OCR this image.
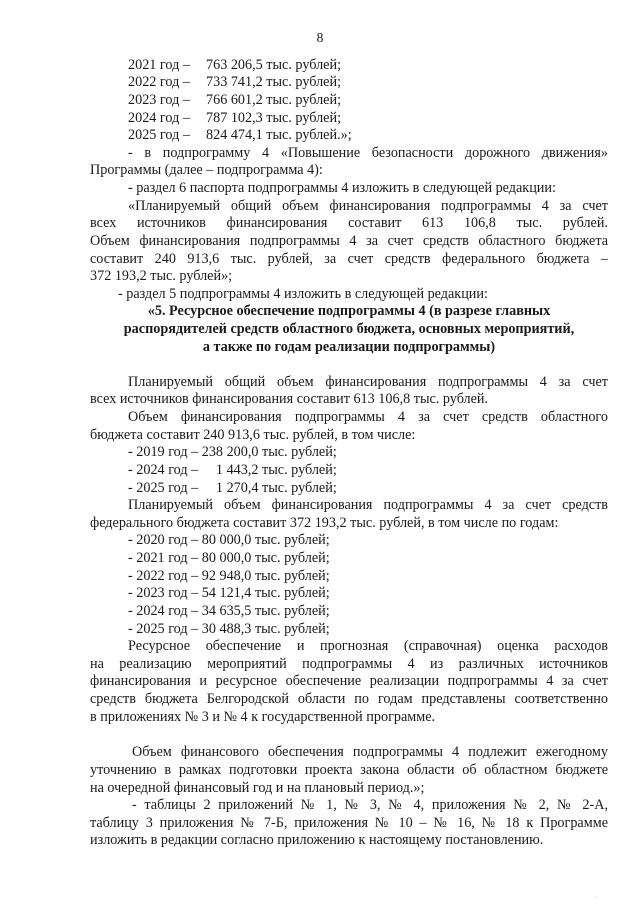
8
2021 год – 763 206,5 тыс. рублей;
2022 год – 733 741,2 тыс. рублей;
2023 год – 766 601,2 тыс. рублей;
2024 год – 787 102,3 тыс. рублей;
2025 год – 824 474,1 тыс. рублей.»;
- в подпрограмму 4 «Повышение безопасности дорожного движения»
Программы (далее – подпрограмма 4):
- раздел 6 паспорта подпрограммы 4 изложить в следующей редакции:
«Планируемый общий объем финансирования подпрограммы 4 за счет
всех источников финансирования составит 613 106,8 тыс. рублей.
Объем финансирования подпрограммы 4 за счет средств областного бюджета
составит 240 913,6 тыс. рублей, за счет средств федерального бюджета –
372 193,2 тыс. рублей»;
- раздел 5 подпрограммы 4 изложить в следующей редакции:
«5. Ресурсное обеспечение подпрограммы 4 (в разрезе главных
распорядителей средств областного бюджета, основных мероприятий,
а также по годам реализации подпрограммы)
Планируемый общий объем финансирования подпрограммы 4 за счет
всех источников финансирования составит 613 106,8 тыс. рублей.
Объем финансирования подпрограммы 4 за счет средств областного
бюджета составит 240 913,6 тыс. рублей, в том числе:
- 2019 год – 238 200,0 тыс. рублей;
- 2024 год –     1 443,2 тыс. рублей;
- 2025 год –     1 270,4 тыс. рублей;
Планируемый объем финансирования подпрограммы 4 за счет средств
федерального бюджета составит 372 193,2 тыс. рублей, в том числе по годам:
- 2020 год – 80 000,0 тыс. рублей;
- 2021 год – 80 000,0 тыс. рублей;
- 2022 год – 92 948,0 тыс. рублей;
- 2023 год – 54 121,4 тыс. рублей;
- 2024 год – 34 635,5 тыс. рублей;
- 2025 год – 30 488,3 тыс. рублей;
Ресурсное обеспечение и прогнозная (справочная) оценка расходов
на реализацию мероприятий подпрограммы 4 из различных источников
финансирования и ресурсное обеспечение реализации подпрограммы 4 за счет
средств бюджета Белгородской области по годам представлены соответственно
в приложениях № 3 и № 4 к государственной программе.
Объем финансового обеспечения подпрограммы 4 подлежит ежегодному
уточнению в рамках подготовки проекта закона области об областном бюджете
на очередной финансовый год и на плановый период.»;
- таблицы 2 приложений № 1, № 3, № 4, приложения № 2, № 2-А,
таблицу 3 приложения № 7-Б, приложения № 10 – № 16, № 18 к Программе
изложить в редакции согласно приложению к настоящему постановлению.
·
